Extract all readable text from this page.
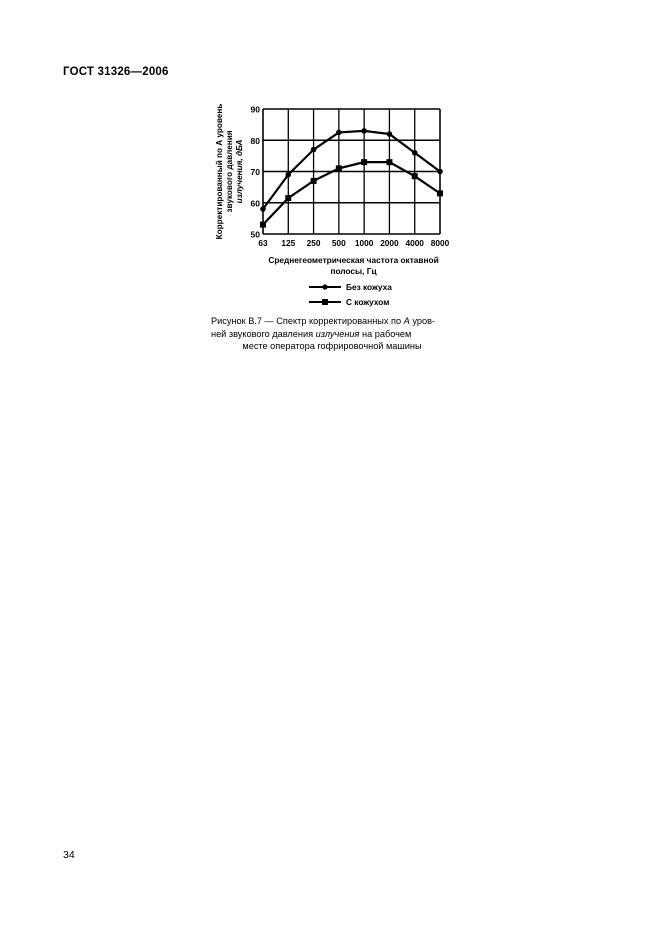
ГОСТ 31326—2006
50
60
70
80
90
63 125 250 500 1000 2000 4000 8000
Корректированный по А уровень звукового давления излучения, дБА
Среднегеометрическая частота октавной
полосы, Гц
Без кожуха
С кожухом
Рисунок В.7 — Спектр корректированных по А уров-
ней звукового давления излучения на рабочем
месте оператора гофрировочной машины
34
